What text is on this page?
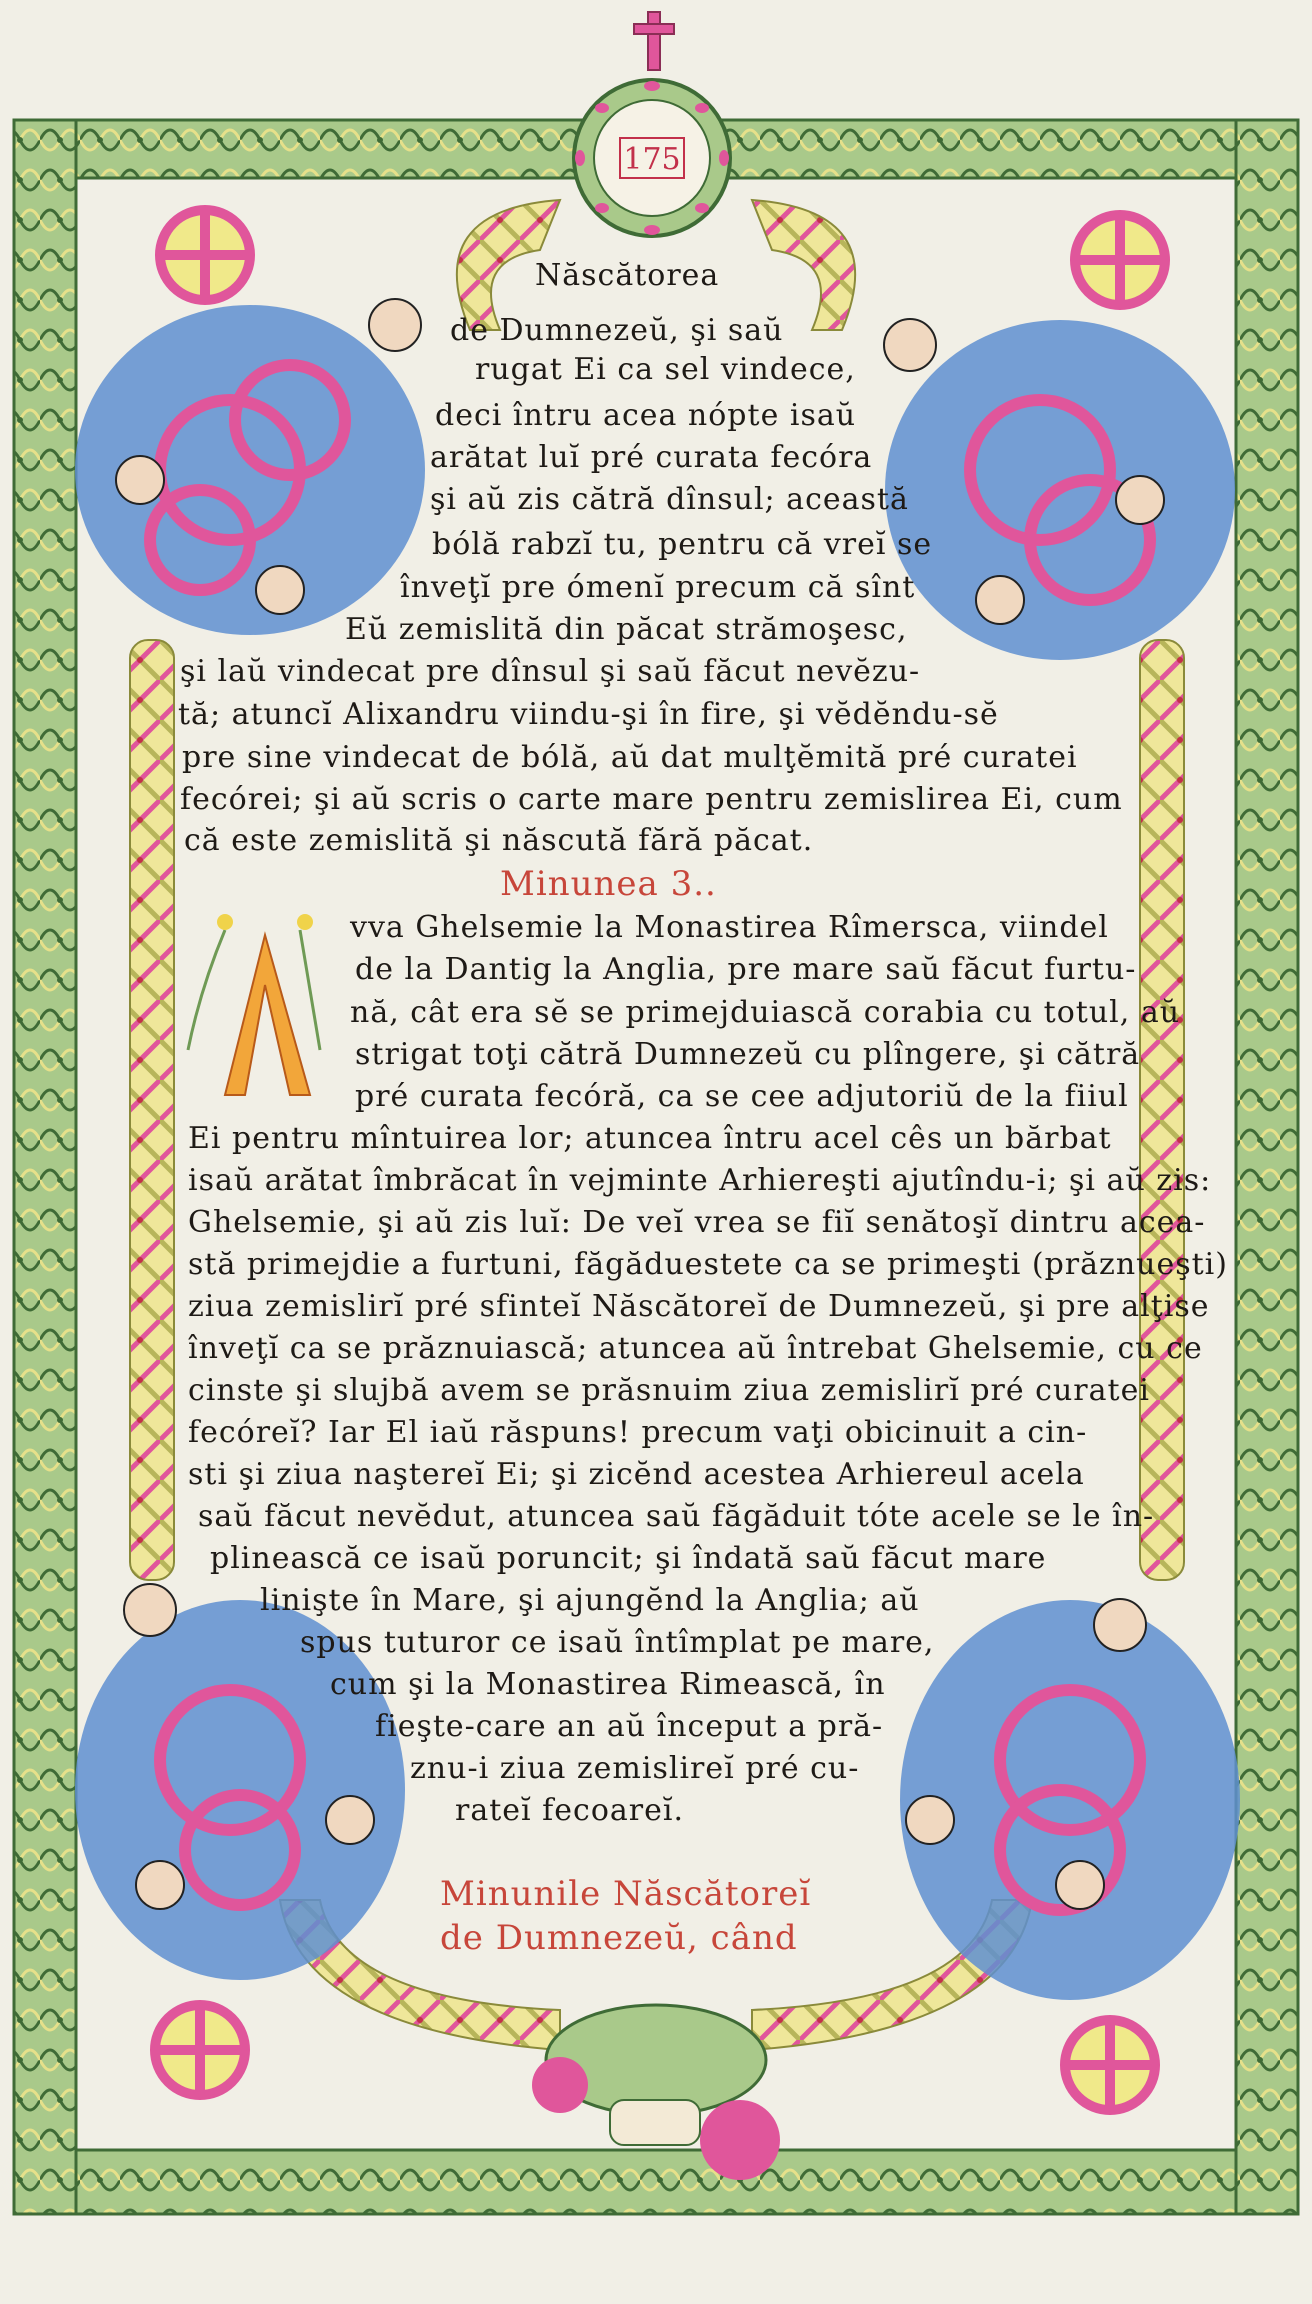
175
Născătorea
de Dumnezeŭ, şi saŭ
rugat Ei ca sel vindece,
deci întru acea nópte isaŭ
arătat luĭ pré curata fecóra
şi aŭ zis cătră dînsul; această
bólă rabzĭ tu, pentru că vreĭ se
înveţĭ pre ómenĭ precum că sînt
Eŭ zemislită din păcat strămoşesc,
şi laŭ vindecat pre dînsul şi saŭ făcut nevĕzu-
tă; atuncĭ Alixandru viindu-şi în fire, şi vĕdĕndu-sĕ
pre sine vindecat de bólă, aŭ dat mulţĕmită pré curatei
fecórei; şi aŭ scris o carte mare pentru zemislirea Ei, cum
că este zemislită şi născută fără păcat.
Minunea 3..
vva Ghelsemie la Monastirea Rîmersca, viindel
de la Dantig la Anglia, pre mare saŭ făcut furtu-
nă, cât era sĕ se primejduiască corabia cu totul, aŭ
strigat toţi cătră Dumnezeŭ cu plîngere, şi cătră
pré curata fecóră, ca se cee adjutoriŭ de la fiiul
Ei pentru mîntuirea lor; atuncea întru acel cês un bărbat
isaŭ arătat îmbrăcat în vejminte Arhiereşti ajutîndu-i; şi aŭ zis:
Ghelsemie, şi aŭ zis luĭ: De veĭ vrea se fiĭ senătoşĭ dintru acea-
stă primejdie a furtuni, făgăduestete ca se primeşti (prăznueşti)
ziua zemislirĭ pré sfinteĭ Născătoreĭ de Dumnezeŭ, şi pre alţise
înveţĭ ca se prăznuiască; atuncea aŭ întrebat Ghelsemie, cu ce
cinste şi slujbă avem se prăsnuim ziua zemislirĭ pré curatei
fecóreĭ? Iar El iaŭ răspuns! precum vaţi obicinuit a cin-
sti şi ziua naştereĭ Ei; şi zicĕnd acestea Arhiereul acela
saŭ făcut nevĕdut, atuncea saŭ făgăduit tóte acele se le în-
plinească ce isaŭ poruncit; şi îndată saŭ făcut mare
linişte în Mare, şi ajungĕnd la Anglia; aŭ
spus tuturor ce isaŭ întîmplat pe mare,
cum şi la Monastirea Rimească, în
fieşte-care an aŭ început a pră-
znu-i ziua zemislireĭ pré cu-
rateĭ fecoareĭ.
Minunile Născătoreĭ
de Dumnezeŭ, când
